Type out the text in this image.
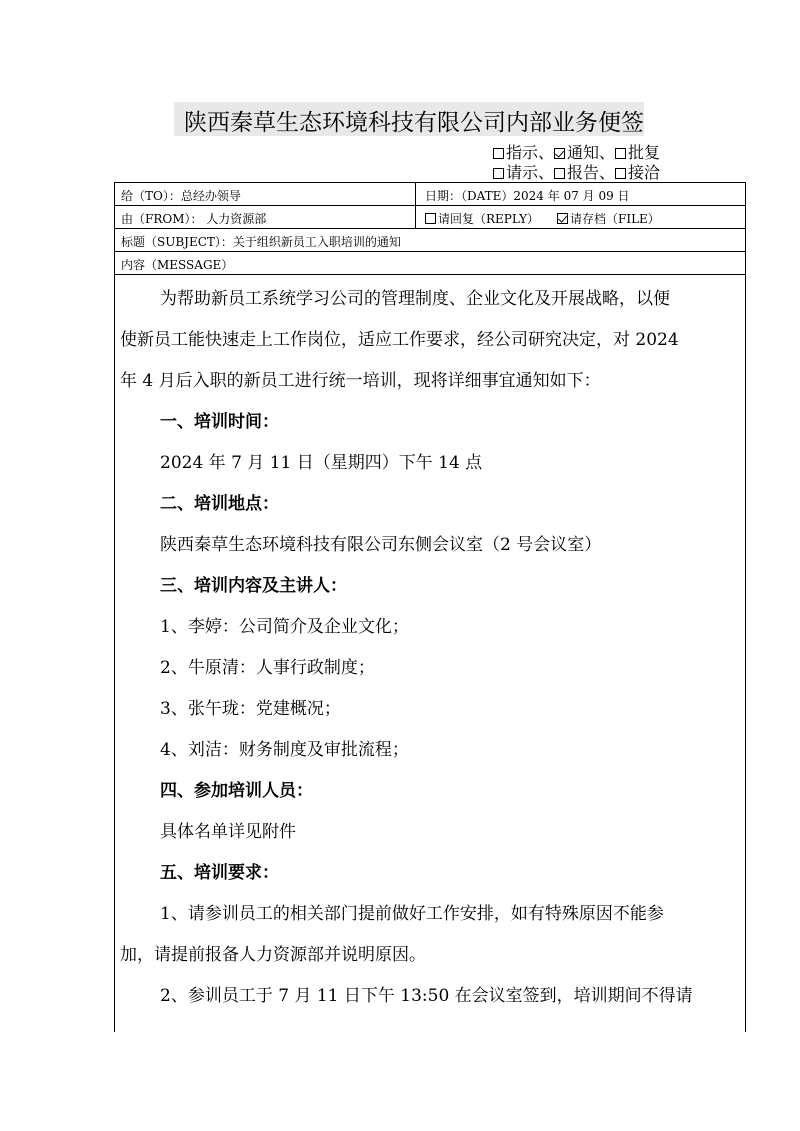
陕西秦草生态环境科技有限公司内部业务便签
指示、 通知、 批复
请示、 报告、 接洽
给（TO）：总经办领导	日期：（DATE）2024 年 07 月 09 日
由（FROM）： 人力资源部	请回复（REPLY）	请存档（FILE）
标题（SUBJECT）：关于组织新员工入职培训的通知
内容（MESSAGE）

为帮助新员工系统学习公司的管理制度、企业文化及开展战略，以便

使新员工能快速走上工作岗位，适应工作要求，经公司研究决定，对 2024

年 4 月后入职的新员工进行统一培训，现将详细事宜通知如下：

一、培训时间：

2024 年 7 月 11 日（星期四）下午 14 点

二、培训地点：

陕西秦草生态环境科技有限公司东侧会议室（2 号会议室）

三、培训内容及主讲人：

1、李婷：公司简介及企业文化；

2、牛原清：人事行政制度；

3、张午珑：党建概况；

4、刘洁：财务制度及审批流程；

四、参加培训人员：

具体名单详见附件

五、培训要求：

1、请参训员工的相关部门提前做好工作安排，如有特殊原因不能参

加，请提前报备人力资源部并说明原因。

2、参训员工于 7 月 11 日下午 13:50 在会议室签到，培训期间不得请
